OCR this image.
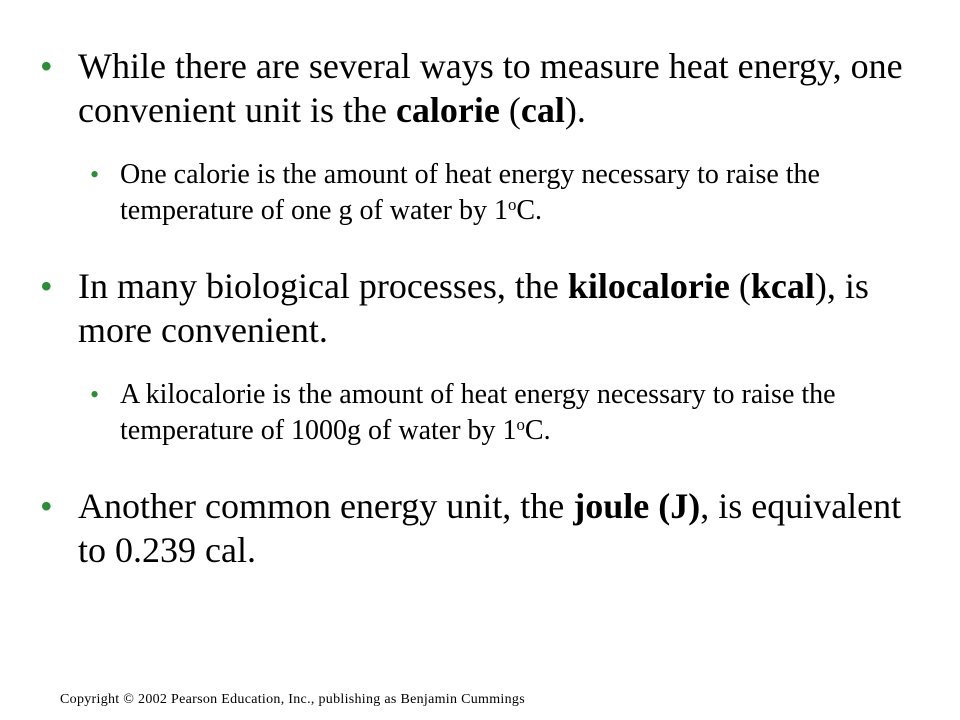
• While there are several ways to measure heat energy, one convenient unit is the calorie (cal).

• One calorie is the amount of heat energy necessary to raise the temperature of one g of water by 1$^o$C.

• In many biological processes, the kilocalorie (kcal), is more convenient.

• A kilocalorie is the amount of heat energy necessary to raise the temperature of 1000g of water by 1$^o$C.

• Another common energy unit, the joule (J), is equivalent to 0.239 cal.

Copyright © 2002 Pearson Education, Inc., publishing as Benjamin Cummings
